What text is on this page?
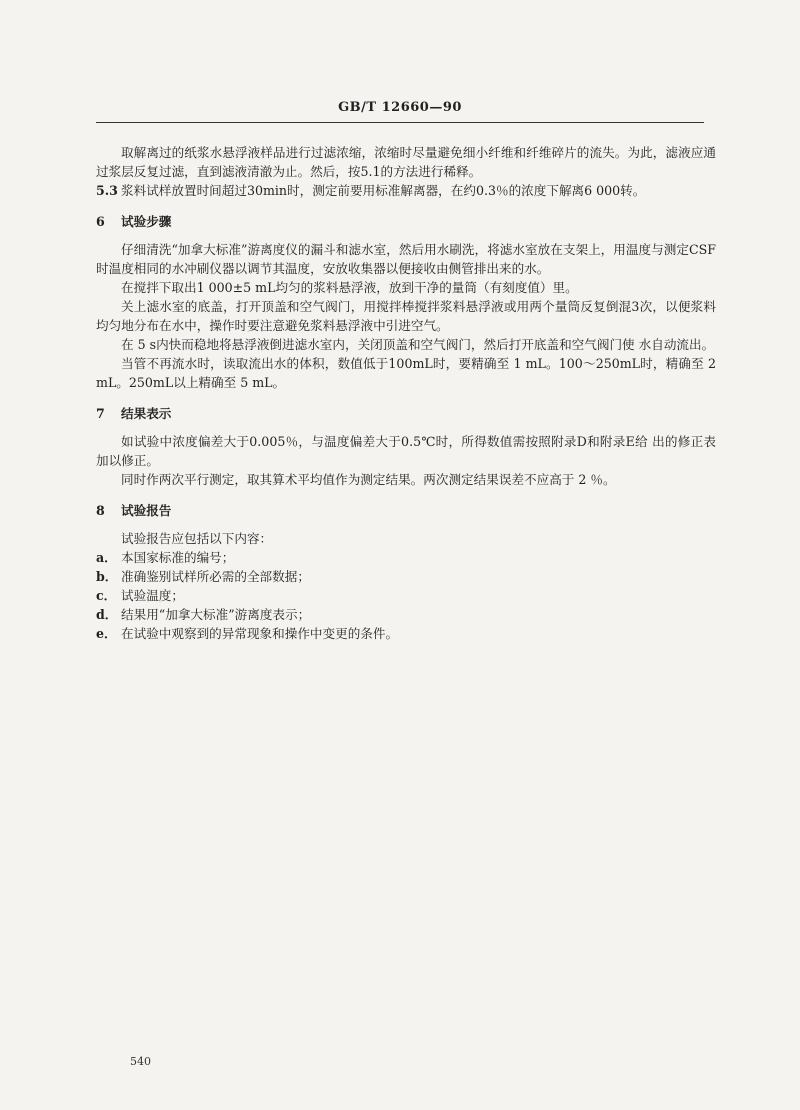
GB/T 12660—90

取解离过的纸浆水悬浮液样品进行过滤浓缩，浓缩时尽量避免细小纤维和纤维碎片的流失。为此，滤液应通过浆层反复过滤，直到滤液清澈为止。然后，按5.1的方法进行稀释。

5.3 浆料试样放置时间超过30min时，测定前要用标准解离器，在约0.3％的浓度下解离6 000转。

6 试验步骤

仔细清洗“加拿大标准”游离度仪的漏斗和滤水室，然后用水刷洗，将滤水室放在支架上，用温度与测定CSF时温度相同的水冲刷仪器以调节其温度，安放收集器以便接收由侧管排出来的水。

在搅拌下取出1 000±5 mL均匀的浆料悬浮液，放到干净的量筒（有刻度值）里。

关上滤水室的底盖，打开顶盖和空气阀门，用搅拌棒搅拌浆料悬浮液或用两个量筒反复倒混3次，以便浆料均匀地分布在水中，操作时要注意避免浆料悬浮液中引进空气。

在 5 s内快而稳地将悬浮液倒进滤水室内，关闭顶盖和空气阀门，然后打开底盖和空气阀门使 水自动流出。

当管不再流水时，读取流出水的体积，数值低于100mL时，要精确至 1 mL。100～250mL时，精确至 2 mL。250mL以上精确至 5 mL。

7 结果表示

如试验中浓度偏差大于0.005％，与温度偏差大于0.5℃时，所得数值需按照附录D和附录E给 出的修正表加以修正。

同时作两次平行测定，取其算术平均值作为测定结果。两次测定结果误差不应高于 2 ％。

8 试验报告

试验报告应包括以下内容：

a． 本国家标准的编号；
b． 准确鉴别试样所必需的全部数据；
c． 试验温度；
d． 结果用“加拿大标准”游离度表示；
e． 在试验中观察到的异常现象和操作中变更的条件。
540
